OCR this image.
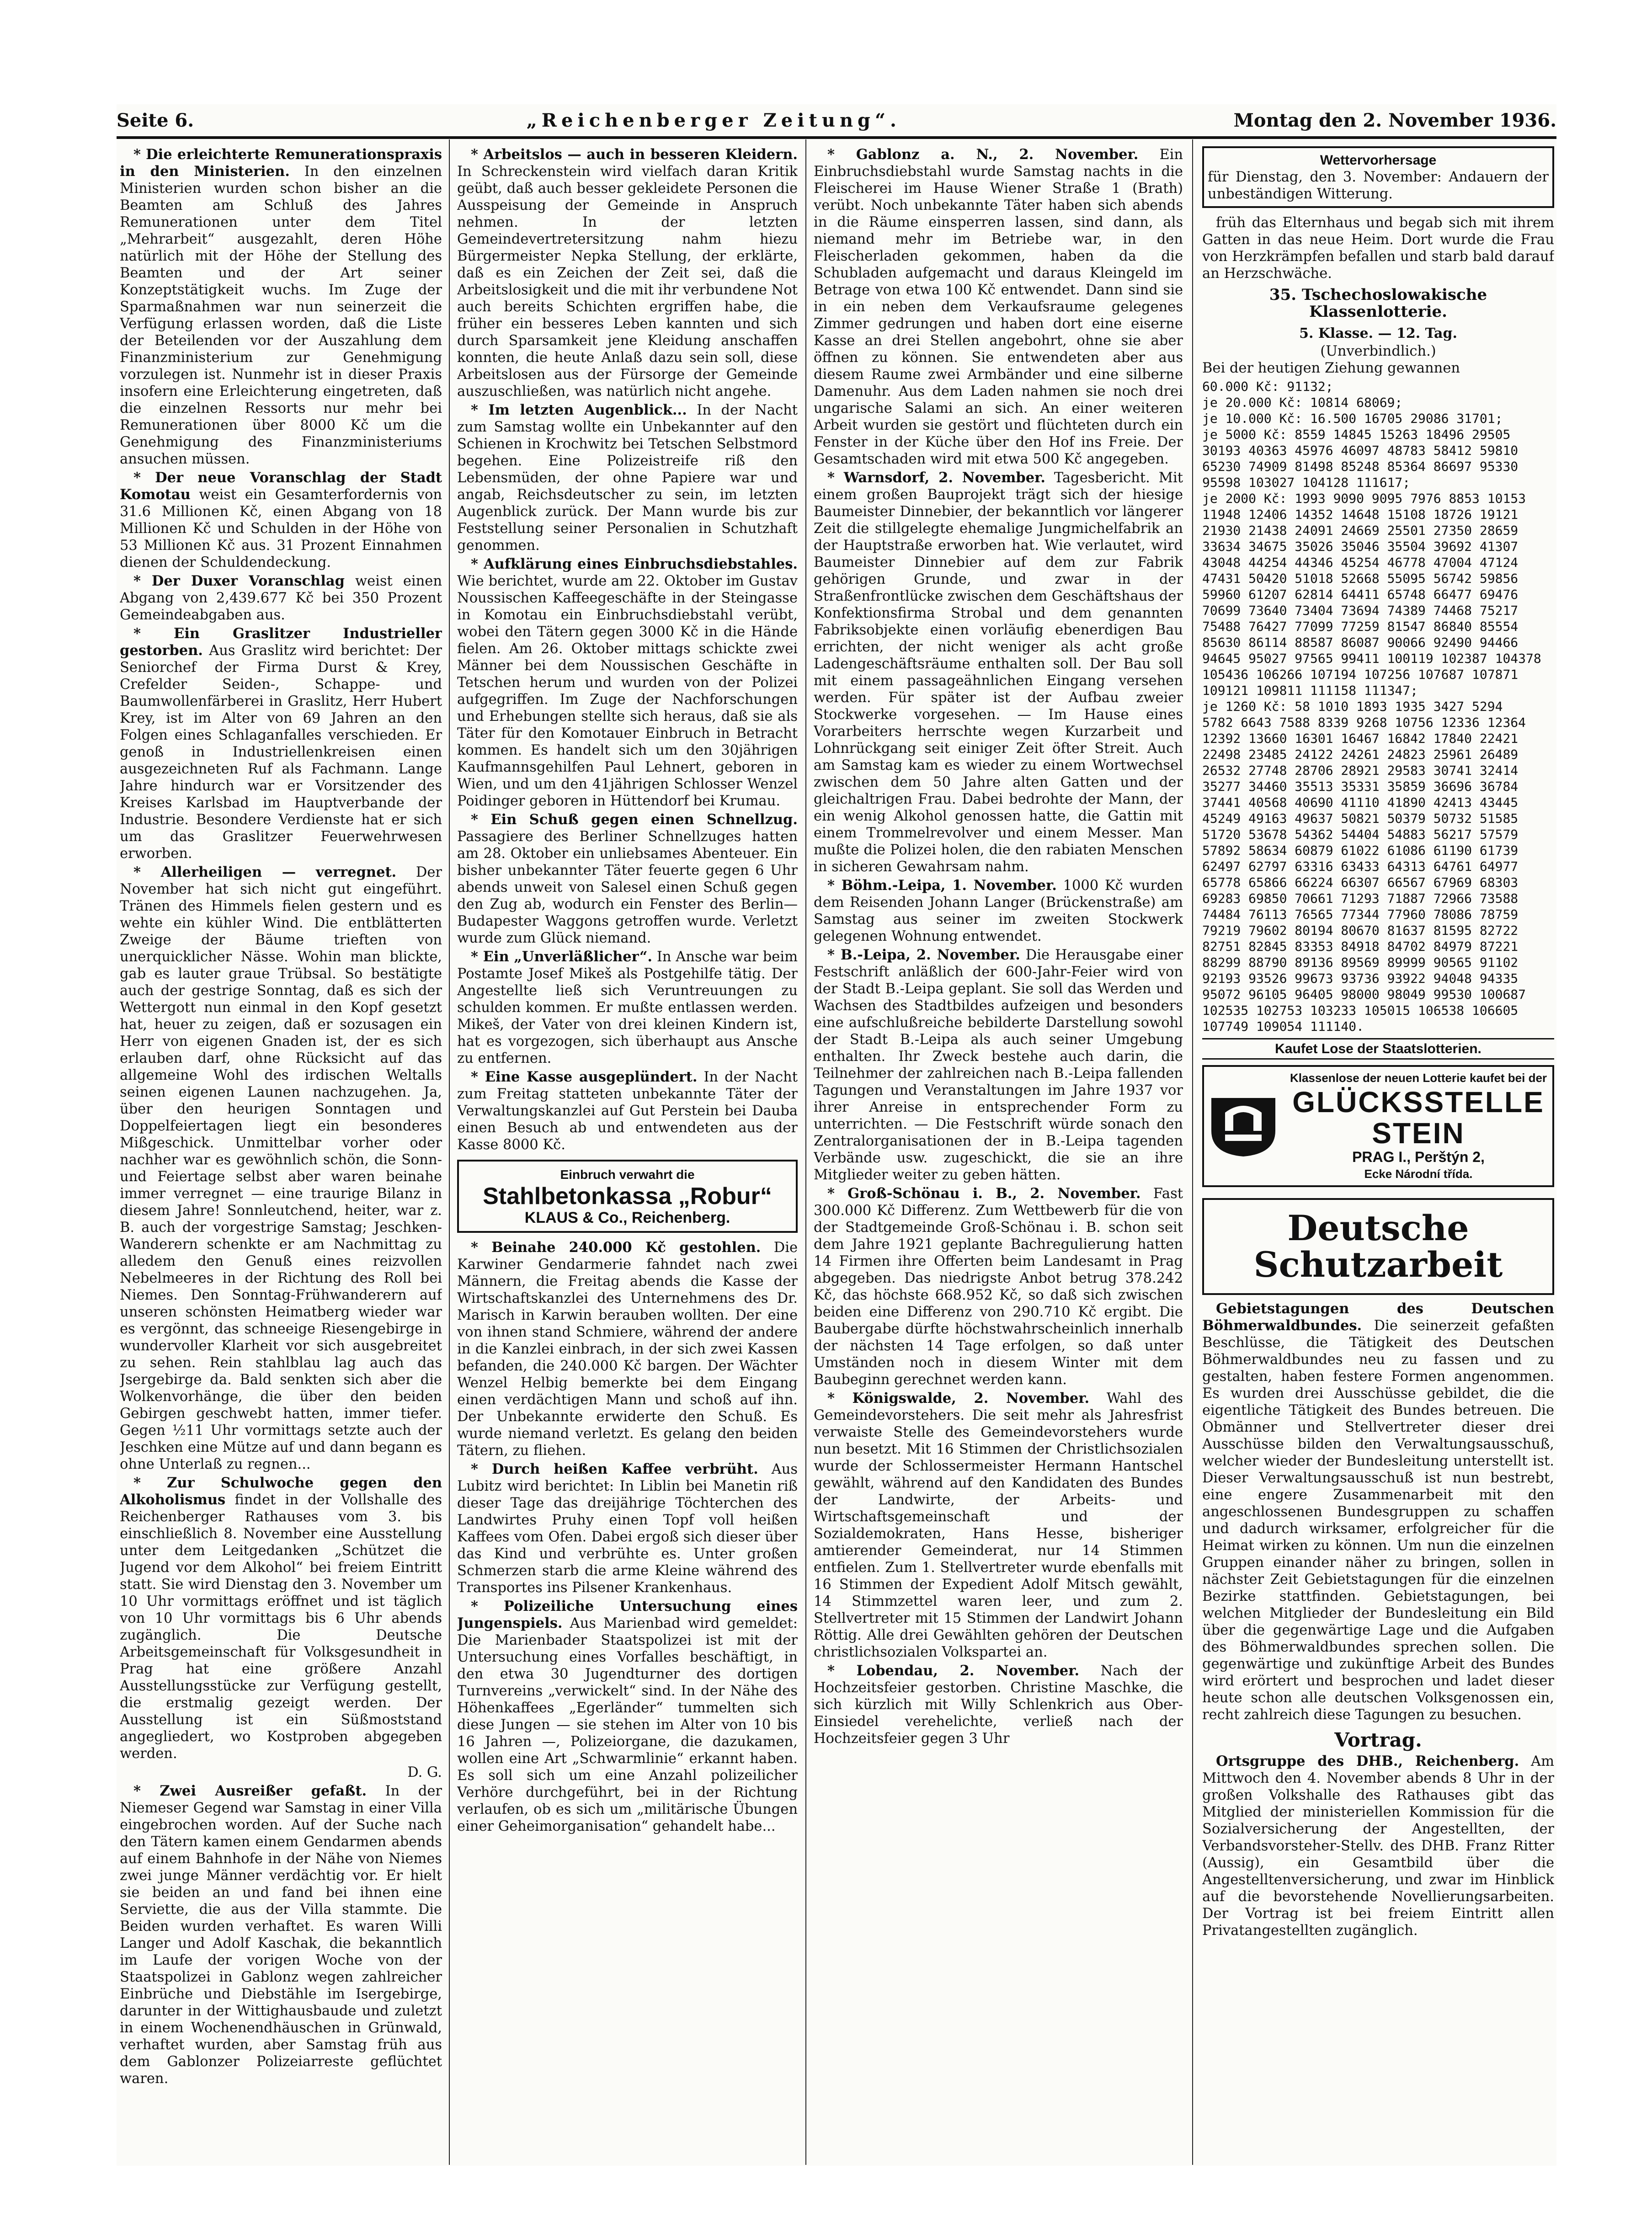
Seite 6.	„Reichenberger Zeitung“.	Montag den 2. November 1936.

* Die erleichterte Remunerationspraxis in den Ministerien. In den einzelnen Ministerien wurden schon bisher an die Beamten am Schluß des Jahres Remunerationen unter dem Titel „Mehrarbeit“ ausgezahlt, deren Höhe natürlich mit der Höhe der Stellung des Beamten und der Art seiner Konzeptstätigkeit wuchs. Im Zuge der Sparmaßnahmen war nun seinerzeit die Verfügung erlassen worden, daß die Liste der Beteilenden vor der Auszahlung dem Finanzministerium zur Genehmigung vorzulegen ist. Nunmehr ist in dieser Praxis insofern eine Erleichterung eingetreten, daß die einzelnen Ressorts nur mehr bei Remunerationen über 8000 Kč um die Genehmigung des Finanzministeriums ansuchen müssen.

* Der neue Voranschlag der Stadt Komotau weist ein Gesamterfordernis von 31.6 Millionen Kč, einen Abgang von 18 Millionen Kč und Schulden in der Höhe von 53 Millionen Kč aus. 31 Prozent Einnahmen dienen der Schuldendeckung.

* Der Duxer Voranschlag weist einen Abgang von 2,439.677 Kč bei 350 Prozent Gemeindeabgaben aus.

* Ein Graslitzer Industrieller gestorben. Aus Graslitz wird berichtet: Der Seniorchef der Firma Durst & Krey, Crefelder Seiden-, Schappe- und Baumwollenfärberei in Graslitz, Herr Hubert Krey, ist im Alter von 69 Jahren an den Folgen eines Schlaganfalles verschieden. Er genoß in Industriellenkreisen einen ausgezeichneten Ruf als Fachmann. Lange Jahre hindurch war er Vorsitzender des Kreises Karlsbad im Hauptverbande der Industrie. Besondere Verdienste hat er sich um das Graslitzer Feuerwehrwesen erworben.

* Allerheiligen — verregnet. Der November hat sich nicht gut eingeführt. Tränen des Himmels fielen gestern und es wehte ein kühler Wind. Die entblätterten Zweige der Bäume trieften von unerquicklicher Nässe. Wohin man blickte, gab es lauter graue Trübsal. So bestätigte auch der gestrige Sonntag, daß es sich der Wettergott nun einmal in den Kopf gesetzt hat, heuer zu zeigen, daß er sozusagen ein Herr von eigenen Gnaden ist, der es sich erlauben darf, ohne Rücksicht auf das allgemeine Wohl des irdischen Weltalls seinen eigenen Launen nachzugehen. Ja, über den heurigen Sonntagen und Doppelfeiertagen liegt ein besonderes Mißgeschick. Unmittelbar vorher oder nachher war es gewöhnlich schön, die Sonn- und Feiertage selbst aber waren beinahe immer verregnet — eine traurige Bilanz in diesem Jahre! Sonnleutchend, heiter, war z. B. auch der vorgestrige Samstag; Jeschken-Wanderern schenkte er am Nachmittag zu alledem den Genuß eines reizvollen Nebelmeeres in der Richtung des Roll bei Niemes. Den Sonntag-Frühwanderern auf unseren schönsten Heimatberg wieder war es vergönnt, das schneeige Riesengebirge in wundervoller Klarheit vor sich ausgebreitet zu sehen. Rein stahlblau lag auch das Jsergebirge da. Bald senkten sich aber die Wolkenvorhänge, die über den beiden Gebirgen geschwebt hatten, immer tiefer. Gegen ½11 Uhr vormittags setzte auch der Jeschken eine Mütze auf und dann begann es ohne Unterlaß zu regnen...

* Zur Schulwoche gegen den Alkoholismus findet in der Vollshalle des Reichenberger Rathauses vom 3. bis einschließlich 8. November eine Ausstellung unter dem Leitgedanken „Schützet die Jugend vor dem Alkohol“ bei freiem Eintritt statt. Sie wird Dienstag den 3. November um 10 Uhr vormittags eröffnet und ist täglich von 10 Uhr vormittags bis 6 Uhr abends zugänglich. Die Deutsche Arbeitsgemeinschaft für Volksgesundheit in Prag hat eine größere Anzahl Ausstellungsstücke zur Verfügung gestellt, die erstmalig gezeigt werden. Der Ausstellung ist ein Süßmoststand angegliedert, wo Kostproben abgegeben werden.

D. G.

* Zwei Ausreißer gefaßt. In der Niemeser Gegend war Samstag in einer Villa eingebrochen worden. Auf der Suche nach den Tätern kamen einem Gendarmen abends auf einem Bahnhofe in der Nähe von Niemes zwei junge Männer verdächtig vor. Er hielt sie beiden an und fand bei ihnen eine Serviette, die aus der Villa stammte. Die Beiden wurden verhaftet. Es waren Willi Langer und Adolf Kaschak, die bekanntlich im Laufe der vorigen Woche von der Staatspolizei in Gablonz wegen zahlreicher Einbrüche und Diebstähle im Isergebirge, darunter in der Wittighausbaude und zuletzt in einem Wochenendhäuschen in Grünwald, verhaftet wurden, aber Samstag früh aus dem Gablonzer Polizeiarreste geflüchtet waren.

* Arbeitslos — auch in besseren Kleidern. In Schreckenstein wird vielfach daran Kritik geübt, daß auch besser gekleidete Personen die Ausspeisung der Gemeinde in Anspruch nehmen. In der letzten Gemeindevertretersitzung nahm hiezu Bürgermeister Nepka Stellung, der erklärte, daß es ein Zeichen der Zeit sei, daß die Arbeitslosigkeit und die mit ihr verbundene Not auch bereits Schichten ergriffen habe, die früher ein besseres Leben kannten und sich durch Sparsamkeit jene Kleidung anschaffen konnten, die heute Anlaß dazu sein soll, diese Arbeitslosen aus der Fürsorge der Gemeinde auszuschließen, was natürlich nicht angehe.

* Im letzten Augenblick... In der Nacht zum Samstag wollte ein Unbekannter auf den Schienen in Krochwitz bei Tetschen Selbstmord begehen. Eine Polizeistreife riß den Lebensmüden, der ohne Papiere war und angab, Reichsdeutscher zu sein, im letzten Augenblick zurück. Der Mann wurde bis zur Feststellung seiner Personalien in Schutzhaft genommen.

* Aufklärung eines Einbruchsdiebstahles. Wie berichtet, wurde am 22. Oktober im Gustav Noussischen Kaffeegeschäfte in der Steingasse in Komotau ein Einbruchsdiebstahl verübt, wobei den Tätern gegen 3000 Kč in die Hände fielen. Am 26. Oktober mittags schickte zwei Männer bei dem Noussischen Geschäfte in Tetschen herum und wurden von der Polizei aufgegriffen. Im Zuge der Nachforschungen und Erhebungen stellte sich heraus, daß sie als Täter für den Komotauer Einbruch in Betracht kommen. Es handelt sich um den 30jährigen Kaufmannsgehilfen Paul Lehnert, geboren in Wien, und um den 41jährigen Schlosser Wenzel Poidinger geboren in Hüttendorf bei Krumau.

* Ein Schuß gegen einen Schnellzug. Passagiere des Berliner Schnellzuges hatten am 28. Oktober ein unliebsames Abenteuer. Ein bisher unbekannter Täter feuerte gegen 6 Uhr abends unweit von Salesel einen Schuß gegen den Zug ab, wodurch ein Fenster des Berlin—Budapester Waggons getroffen wurde. Verletzt wurde zum Glück niemand.

* Ein „Unverläßlicher“. In Ansche war beim Postamte Josef Mikeš als Postgehilfe tätig. Der Angestellte ließ sich Veruntreuungen zu schulden kommen. Er mußte entlassen werden. Mikeš, der Vater von drei kleinen Kindern ist, hat es vorgezogen, sich überhaupt aus Ansche zu entfernen.

* Eine Kasse ausgeplündert. In der Nacht zum Freitag statteten unbekannte Täter der Verwaltungskanzlei auf Gut Perstein bei Dauba einen Besuch ab und entwendeten aus der Kasse 8000 Kč.

Einbruch verwahrt die
Stahlbetonkassa „Robur“
KLAUS & Co., Reichenberg.

* Beinahe 240.000 Kč gestohlen. Die Karwiner Gendarmerie fahndet nach zwei Männern, die Freitag abends die Kasse der Wirtschaftskanzlei des Unternehmens des Dr. Marisch in Karwin berauben wollten. Der eine von ihnen stand Schmiere, während der andere in die Kanzlei einbrach, in der sich zwei Kassen befanden, die 240.000 Kč bargen. Der Wächter Wenzel Helbig bemerkte bei dem Eingang einen verdächtigen Mann und schoß auf ihn. Der Unbekannte erwiderte den Schuß. Es wurde niemand verletzt. Es gelang den beiden Tätern, zu fliehen.

* Durch heißen Kaffee verbrüht. Aus Lubitz wird berichtet: In Liblin bei Manetin riß dieser Tage das dreijährige Töchterchen des Landwirtes Pruhy einen Topf voll heißen Kaffees vom Ofen. Dabei ergoß sich dieser über das Kind und verbrühte es. Unter großen Schmerzen starb die arme Kleine während des Transportes ins Pilsener Krankenhaus.

* Polizeiliche Untersuchung eines Jungenspiels. Aus Marienbad wird gemeldet: Die Marienbader Staatspolizei ist mit der Untersuchung eines Vorfalles beschäftigt, in den etwa 30 Jugendturner des dortigen Turnvereins „verwickelt“ sind. In der Nähe des Höhenkaffees „Egerländer“ tummelten sich diese Jungen — sie stehen im Alter von 10 bis 16 Jahren —, Polizeiorgane, die dazukamen, wollen eine Art „Schwarmlinie“ erkannt haben. Es soll sich um eine Anzahl polizeilicher Verhöre durchgeführt, bei in der Richtung verlaufen, ob es sich um „militärische Übungen einer Geheimorganisation“ gehandelt habe...

* Gablonz a. N., 2. November. Ein Einbruchsdiebstahl wurde Samstag nachts in die Fleischerei im Hause Wiener Straße 1 (Brath) verübt. Noch unbekannte Täter haben sich abends in die Räume einsperren lassen, sind dann, als niemand mehr im Betriebe war, in den Fleischerladen gekommen, haben da die Schubladen aufgemacht und daraus Kleingeld im Betrage von etwa 100 Kč entwendet. Dann sind sie in ein neben dem Verkaufsraume gelegenes Zimmer gedrungen und haben dort eine eiserne Kasse an drei Stellen angebohrt, ohne sie aber öffnen zu können. Sie entwendeten aber aus diesem Raume zwei Armbänder und eine silberne Damenuhr. Aus dem Laden nahmen sie noch drei ungarische Salami an sich. An einer weiteren Arbeit wurden sie gestört und flüchteten durch ein Fenster in der Küche über den Hof ins Freie. Der Gesamtschaden wird mit etwa 500 Kč angegeben.

* Warnsdorf, 2. November. Tagesbericht. Mit einem großen Bauprojekt trägt sich der hiesige Baumeister Dinnebier, der bekanntlich vor längerer Zeit die stillgelegte ehemalige Jungmichelfabrik an der Hauptstraße erworben hat. Wie verlautet, wird Baumeister Dinnebier auf dem zur Fabrik gehörigen Grunde, und zwar in der Straßenfrontlücke zwischen dem Geschäftshaus der Konfektionsfirma Strobal und dem genannten Fabriksobjekte einen vorläufig ebenerdigen Bau errichten, der nicht weniger als acht große Ladengeschäftsräume enthalten soll. Der Bau soll mit einem passageähnlichen Eingang versehen werden. Für später ist der Aufbau zweier Stockwerke vorgesehen. — Im Hause eines Vorarbeiters herrschte wegen Kurzarbeit und Lohnrückgang seit einiger Zeit öfter Streit. Auch am Samstag kam es wieder zu einem Wortwechsel zwischen dem 50 Jahre alten Gatten und der gleichaltrigen Frau. Dabei bedrohte der Mann, der ein wenig Alkohol genossen hatte, die Gattin mit einem Trommelrevolver und einem Messer. Man mußte die Polizei holen, die den rabiaten Menschen in sicheren Gewahrsam nahm.

* Böhm.-Leipa, 1. November. 1000 Kč wurden dem Reisenden Johann Langer (Brückenstraße) am Samstag aus seiner im zweiten Stockwerk gelegenen Wohnung entwendet.

* B.-Leipa, 2. November. Die Herausgabe einer Festschrift anläßlich der 600-Jahr-Feier wird von der Stadt B.-Leipa geplant. Sie soll das Werden und Wachsen des Stadtbildes aufzeigen und besonders eine aufschlußreiche bebilderte Darstellung sowohl der Stadt B.-Leipa als auch seiner Umgebung enthalten. Ihr Zweck bestehe auch darin, die Teilnehmer der zahlreichen nach B.-Leipa fallenden Tagungen und Veranstaltungen im Jahre 1937 vor ihrer Anreise in entsprechender Form zu unterrichten. — Die Festschrift würde sonach den Zentralorganisationen der in B.-Leipa tagenden Verbände usw. zugeschickt, die sie an ihre Mitglieder weiter zu geben hätten.

* Groß-Schönau i. B., 2. November. Fast 300.000 Kč Differenz. Zum Wettbewerb für die von der Stadtgemeinde Groß-Schönau i. B. schon seit dem Jahre 1921 geplante Bachregulierung hatten 14 Firmen ihre Offerten beim Landesamt in Prag abgegeben. Das niedrigste Anbot betrug 378.242 Kč, das höchste 668.952 Kč, so daß sich zwischen beiden eine Differenz von 290.710 Kč ergibt. Die Baubergabe dürfte höchstwahrscheinlich innerhalb der nächsten 14 Tage erfolgen, so daß unter Umständen noch in diesem Winter mit dem Baubeginn gerechnet werden kann.

* Königswalde, 2. November. Wahl des Gemeindevorstehers. Die seit mehr als Jahresfrist verwaiste Stelle des Gemeindevorstehers wurde nun besetzt. Mit 16 Stimmen der Christlichsozialen wurde der Schlossermeister Hermann Hantschel gewählt, während auf den Kandidaten des Bundes der Landwirte, der Arbeits- und Wirtschaftsgemeinschaft und der Sozialdemokraten, Hans Hesse, bisheriger amtierender Gemeinderat, nur 14 Stimmen entfielen. Zum 1. Stellvertreter wurde ebenfalls mit 16 Stimmen der Expedient Adolf Mitsch gewählt, 14 Stimmzettel waren leer, und zum 2. Stellvertreter mit 15 Stimmen der Landwirt Johann Röttig. Alle drei Gewählten gehören der Deutschen christlichsozialen Volkspartei an.

* Lobendau, 2. November. Nach der Hochzeitsfeier gestorben. Christine Maschke, die sich kürzlich mit Willy Schlenkrich aus Ober-Einsiedel verehelichte, verließ nach der Hochzeitsfeier gegen 3 Uhr

Wettervorhersage
für Dienstag, den 3. November: Andauern der unbeständigen Witterung.

früh das Elternhaus und begab sich mit ihrem Gatten in das neue Heim. Dort wurde die Frau von Herzkrämpfen befallen und starb bald darauf an Herzschwäche.

35. Tschechoslowakische Klassenlotterie.
5. Klasse. — 12. Tag.
(Unverbindlich.)

Bei der heutigen Ziehung gewannen

60.000 Kč: 91132;
je 20.000 Kč: 10814 68069;
je 10.000 Kč: 16.500 16705 29086 31701;
je 5000 Kč: 8559 14845 15263 18496 29505
30193 40363 45976 46097 48783 58412 59810
65230 74909 81498 85248 85364 86697 95330
95598 103027 104128 111617;
je 2000 Kč: 1993 9090 9095 7976 8853 10153
11948 12406 14352 14648 15108 18726 19121
21930 21438 24091 24669 25501 27350 28659
33634 34675 35026 35046 35504 39692 41307
43048 44254 44346 45254 46778 47004 47124
47431 50420 51018 52668 55095 56742 59856
59960 61207 62814 64411 65748 66477 69476
70699 73640 73404 73694 74389 74468 75217
75488 76427 77099 77259 81547 86840 85554
85630 86114 88587 86087 90066 92490 94466
94645 95027 97565 99411 100119 102387 104378
105436 106266 107194 107256 107687 107871
109121 109811 111158 111347;
je 1260 Kč: 58 1010 1893 1935 3427 5294
5782 6643 7588 8339 9268 10756 12336 12364
12392 13660 16301 16467 16842 17840 22421
22498 23485 24122 24261 24823 25961 26489
26532 27748 28706 28921 29583 30741 32414
35277 34460 35513 35331 35859 36696 36784
37441 40568 40690 41110 41890 42413 43445
45249 49163 49637 50821 50379 50732 51585
51720 53678 54362 54404 54883 56217 57579
57892 58634 60879 61022 61086 61190 61739
62497 62797 63316 63433 64313 64761 64977
65778 65866 66224 66307 66567 67969 68303
69283 69850 70661 71293 71887 72966 73588
74484 76113 76565 77344 77960 78086 78759
79219 79602 80194 80670 81637 81595 82722
82751 82845 83353 84918 84702 84979 87221
88299 88790 89136 89569 89999 90565 91102
92193 93526 99673 93736 93922 94048 94335
95072 96105 96405 98000 98049 99530 100687
102535 102753 103233 105015 106538 106605
107749 109054 111140.
Kaufet Lose der Staatslotterien.
Klassenlose der neuen Lotterie kaufet bei der
GLÜCKSSTELLE
STEIN
PRAG I., Perštýn 2,
Ecke Národní třída.
Deutsche Schutzarbeit

Gebietstagungen des Deutschen Böhmerwaldbundes. Die seinerzeit gefaßten Beschlüsse, die Tätigkeit des Deutschen Böhmerwaldbundes neu zu fassen und zu gestalten, haben festere Formen angenommen. Es wurden drei Ausschüsse gebildet, die die eigentliche Tätigkeit des Bundes betreuen. Die Obmänner und Stellvertreter dieser drei Ausschüsse bilden den Verwaltungsausschuß, welcher wieder der Bundesleitung unterstellt ist. Dieser Verwaltungsausschuß ist nun bestrebt, eine engere Zusammenarbeit mit den angeschlossenen Bundesgruppen zu schaffen und dadurch wirksamer, erfolgreicher für die Heimat wirken zu können. Um nun die einzelnen Gruppen einander näher zu bringen, sollen in nächster Zeit Gebietstagungen für die einzelnen Bezirke stattfinden. Gebietstagungen, bei welchen Mitglieder der Bundesleitung ein Bild über die gegenwärtige Lage und die Aufgaben des Böhmerwaldbundes sprechen sollen. Die gegenwärtige und zukünftige Arbeit des Bundes wird erörtert und besprochen und ladet dieser heute schon alle deutschen Volksgenossen ein, recht zahlreich diese Tagungen zu besuchen.

Vortrag.

Ortsgruppe des DHB., Reichenberg. Am Mittwoch den 4. November abends 8 Uhr in der großen Volkshalle des Rathauses gibt das Mitglied der ministeriellen Kommission für die Sozialversicherung der Angestellten, der Verbandsvorsteher-Stellv. des DHB. Franz Ritter (Aussig), ein Gesamtbild über die Angestelltenversicherung, und zwar im Hinblick auf die bevorstehende Novellierungsarbeiten. Der Vortrag ist bei freiem Eintritt allen Privatangestellten zugänglich.
